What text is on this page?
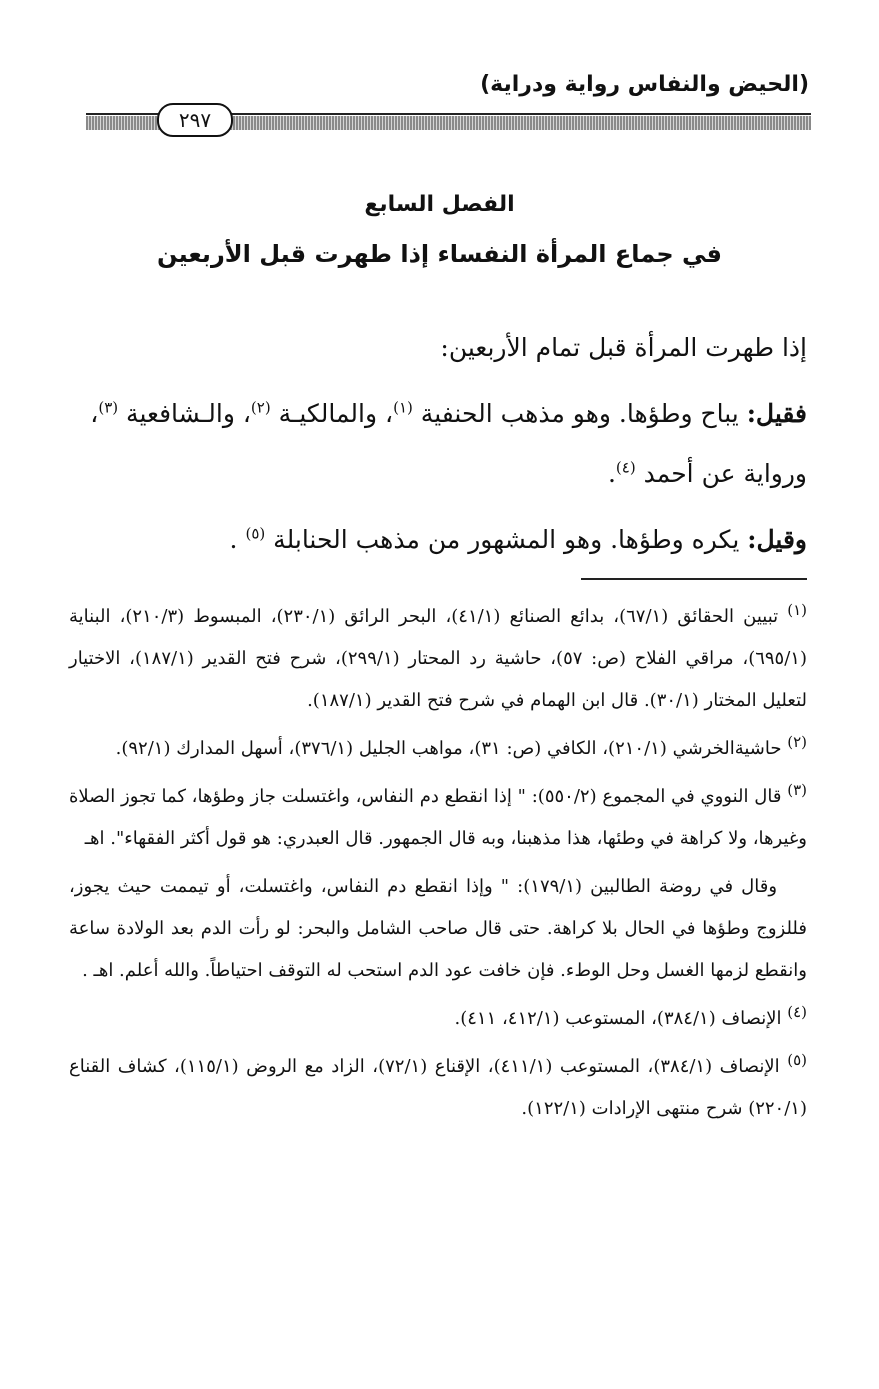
(الحيض والنفاس رواية ودراية)
٢٩٧
الفصل السابع
في جماع المرأة النفساء إذا طهرت قبل الأربعين

إذا طهرت المرأة قبل تمام الأربعين:

فقيل: يباح وطؤها. وهو مذهب الحنفية $^{(١)}$، والمالكيـة $^{(٢)}$، والـشافعية $^{(٣)}$، ورواية عن أحمد $^{(٤)}$.

وقيل: يكره وطؤها. وهو المشهور من مذهب الحنابلة $^{(٥)}$ .

$^{(١)}$ تبيين الحقائق (٦٧/١)، بدائع الصنائع (٤١/١)، البحر الرائق (٢٣٠/١)، المبسوط (٢١٠/٣)، البناية (٦٩٥/١)، مراقي الفلاح (ص: ٥٧)، حاشية رد المحتار (٢٩٩/١)، شرح فتح القدير (١٨٧/١)، الاختيار لتعليل المختار (٣٠/١). قال ابن الهمام في شرح فتح القدير (١٨٧/١).

$^{(٢)}$ حاشيةالخرشي (٢١٠/١)، الكافي (ص: ٣١)، مواهب الجليل (٣٧٦/١)، أسهل المدارك (٩٢/١).

$^{(٣)}$ قال النووي في المجموع (٥٥٠/٢): " إذا انقطع دم النفاس، واغتسلت جاز وطؤها، كما تجوز الصلاة وغيرها، ولا كراهة في وطئها، هذا مذهبنا، وبه قال الجمهور. قال العبدري: هو قول أكثر الفقهاء". اهـ

وقال في روضة الطالبين (١٧٩/١): " وإذا انقطع دم النفاس، واغتسلت، أو تيممت حيث يجوز، فللزوج وطؤها في الحال بلا كراهة. حتى قال صاحب الشامل والبحر: لو رأت الدم بعد الولادة ساعة وانقطع لزمها الغسل وحل الوطء. فإن خافت عود الدم استحب له التوقف احتياطاً. والله أعلم. اهـ .

$^{(٤)}$ الإنصاف (٣٨٤/١)، المستوعب (٤١٢/١، ٤١١).

$^{(٥)}$ الإنصاف (٣٨٤/١)، المستوعب (٤١١/١)، الإقناع (٧٢/١)، الزاد مع الروض (١١٥/١)، كشاف القناع (٢٢٠/١) شرح منتهى الإرادات (١٢٢/١).
